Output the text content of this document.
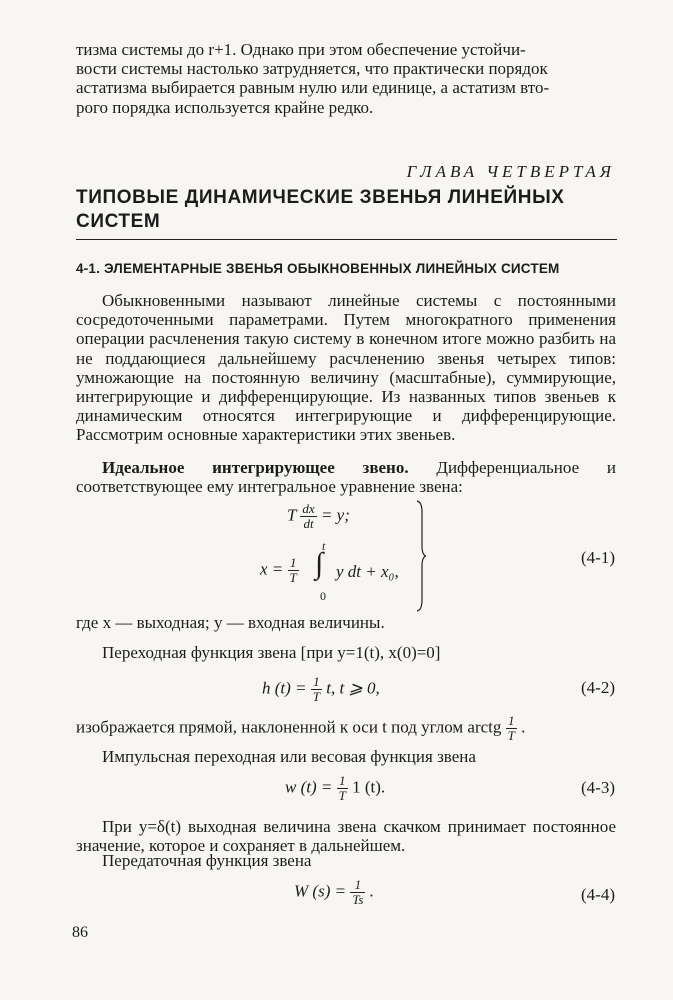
тизма системы до r+1. Однако при этом обеспечение устойчи-
вости системы настолько затрудняется, что практически порядок
астатизма выбирается равным нулю или единице, а астатизм вто-
рого порядка используется крайне редко.

ГЛАВА ЧЕТВЕРТАЯ
ТИПОВЫЕ ДИНАМИЧЕСКИЕ ЗВЕНЬЯ ЛИНЕЙНЫХ
СИСТЕМ
4-1. ЭЛЕМЕНТАРНЫЕ ЗВЕНЬЯ ОБЫКНОВЕННЫХ ЛИНЕЙНЫХ СИСТЕМ

Обыкновенными называют линейные системы с постоянными сосредоточенными параметрами. Путем многократного применения операции расчленения такую систему в конечном итоге можно разбить на не поддающиеся дальнейшему расчленению звенья четырех типов: умножающие на постоянную величину (масштабные), суммирующие, интегрирующие и дифференцирующие. Из названных типов звеньев к динамическим относятся интегрирующие и дифференцирующие. Рассмотрим основные характеристики этих звеньев.

Идеальное интегрирующее звено. Дифференциальное и соответствующее ему интегральное уравнение звена:

T $\frac{dx}{dt} = y$;
$x = \frac{1}{T}$
t
∫
0
y dt + x₀,
(4-1)

где x — выходная; y — входная величины.

Переходная функция звена [при y=1(t), x(0)=0]

h $(t) = \frac{1}{T} t$, t ⩾ 0,	(4-2)

изображается прямой, наклоненной к оси t под углом arctg $\frac{1}{T}$ .

Импульсная переходная или весовая функция звена

w $(t) = \frac{1}{T} 1$ (t).	(4-3)

При y=δ(t) выходная величина звена скачком принимает постоянное значение, которое и сохраняет в дальнейшем.

Передаточная функция звена

W $(s) = \frac{1}{Ts}$ .	(4-4)
86
